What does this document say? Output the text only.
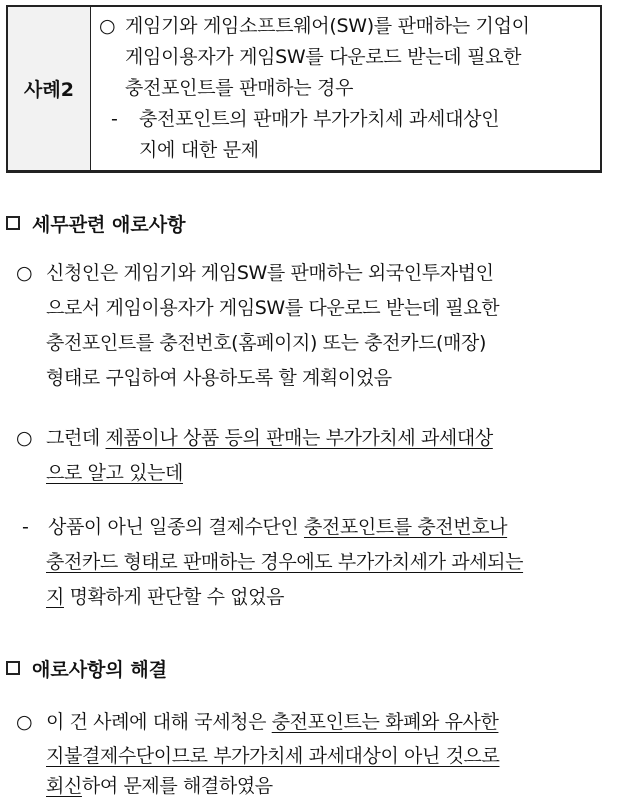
사례2
○ 게임기와 게임소프트웨어(SW)를 판매하는 기업이
게임이용자가 게임SW를 다운로드 받는데 필요한
충전포인트를 판매하는 경우
- 충전포인트의 판매가 부가가치세 과세대상인
지에 대한 문제
세무관련 애로사항
○ 신청인은 게임기와 게임SW를 판매하는 외국인투자법인
으로서 게임이용자가 게임SW를 다운로드 받는데 필요한
충전포인트를 충전번호(홈페이지) 또는 충전카드(매장)
형태로 구입하여 사용하도록 할 계획이었음
○ 그런데 제품이나 상품 등의 판매는 부가가치세 과세대상
으로 알고 있는데
- 상품이 아닌 일종의 결제수단인 충전포인트를 충전번호나
충전카드 형태로 판매하는 경우에도 부가가치세가 과세되는
지 명확하게 판단할 수 없었음
애로사항의 해결
○ 이 건 사례에 대해 국세청은 충전포인트는 화폐와 유사한
지불결제수단이므로 부가가치세 과세대상이 아닌 것으로
회신하여 문제를 해결하였음
